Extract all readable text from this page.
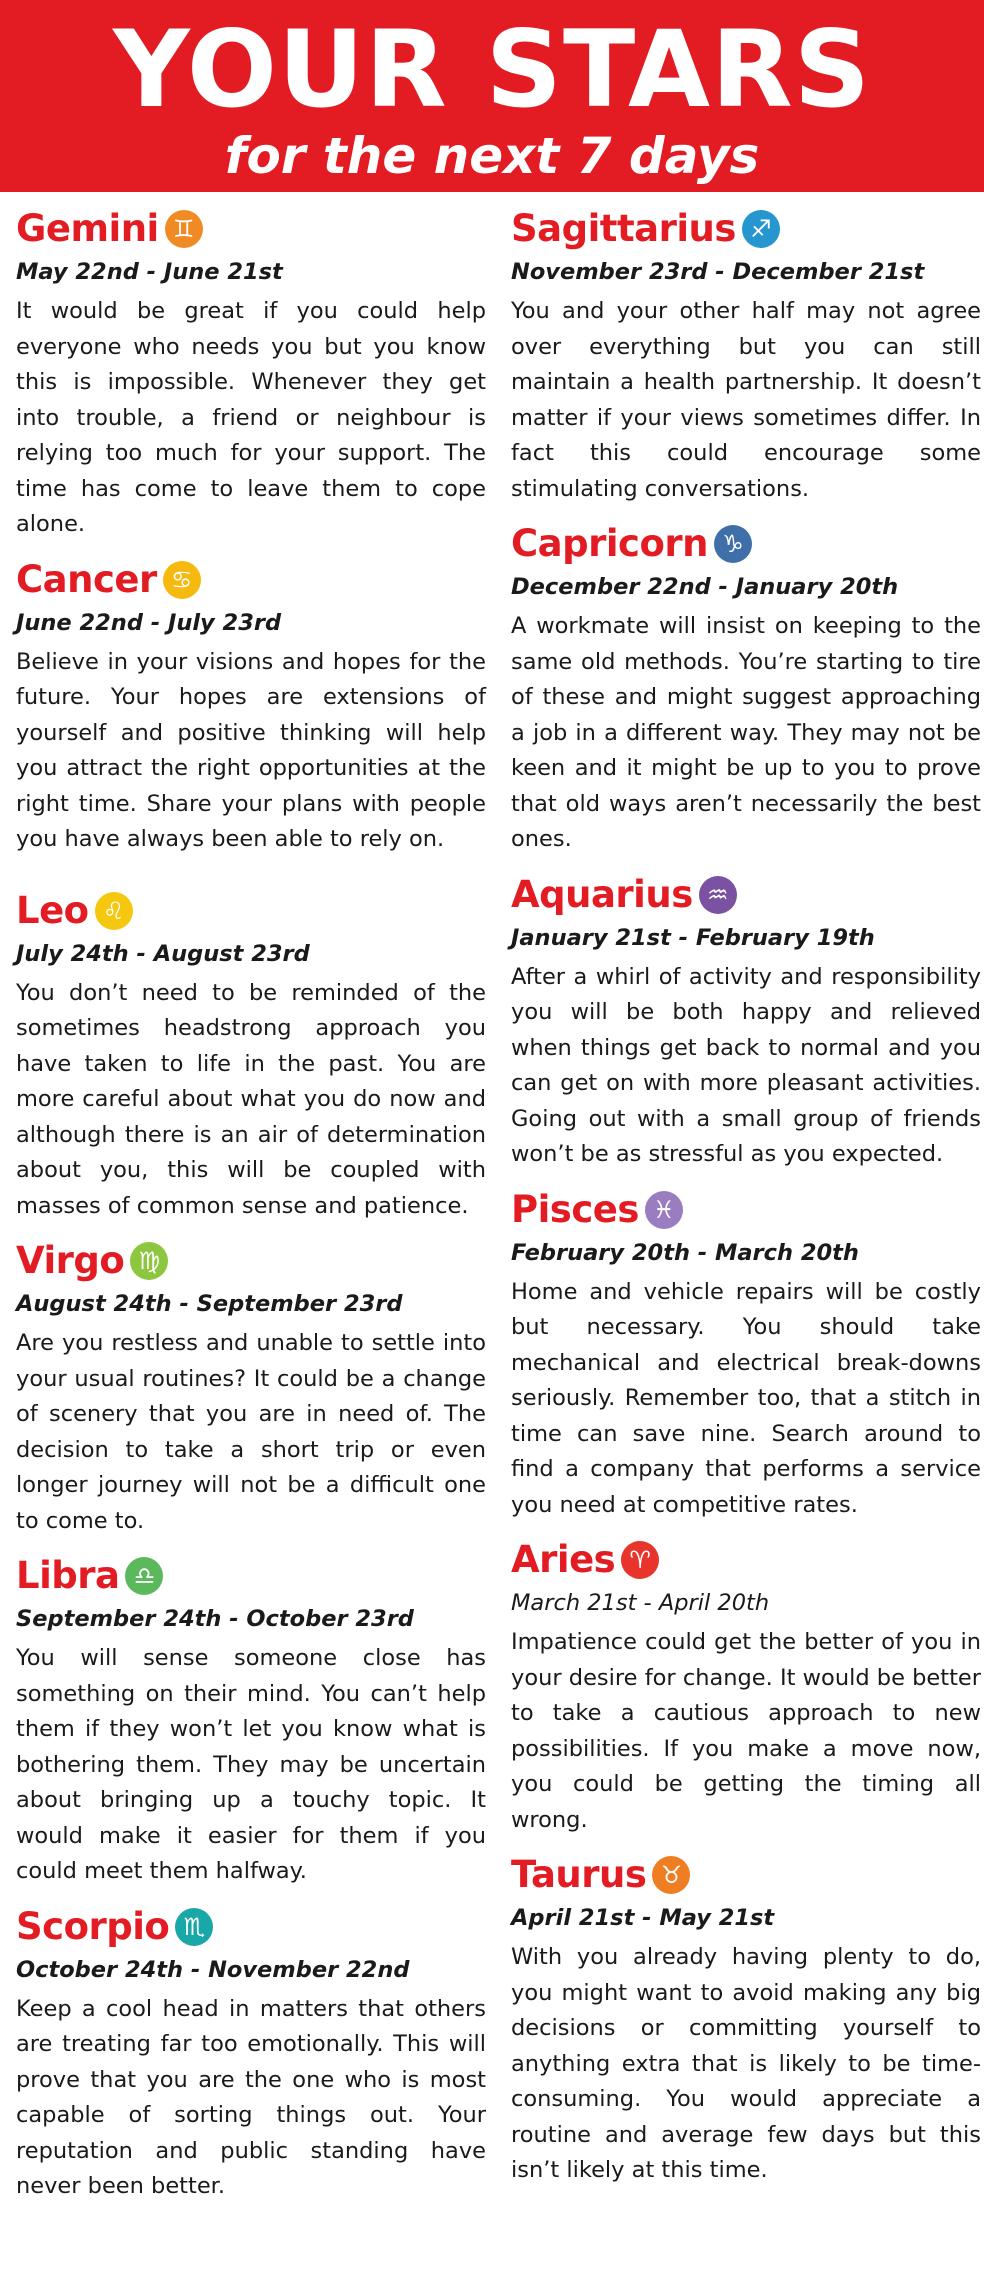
YOUR STARS
for the next 7 days
Gemini ♊
May 22nd - June 21st

It would be great if you could help everyone who needs you but you know this is impossible. Whenever they get into trouble, a friend or neighbour is relying too much for your support. The time has come to leave them to cope alone.

Cancer ♋
June 22nd - July 23rd

Believe in your visions and hopes for the future. Your hopes are extensions of yourself and positive thinking will help you attract the right opportunities at the right time. Share your plans with people you have always been able to rely on.

Leo ♌
July 24th - August 23rd

You don’t need to be reminded of the sometimes headstrong approach you have taken to life in the past. You are more careful about what you do now and although there is an air of determination about you, this will be coupled with masses of common sense and patience.

Virgo ♍
August 24th - September 23rd

Are you restless and unable to settle into your usual routines? It could be a change of scenery that you are in need of. The decision to take a short trip or even longer journey will not be a difficult one to come to.

Libra ♎
September 24th - October 23rd

You will sense someone close has something on their mind. You can’t help them if they won’t let you know what is bothering them. They may be uncertain about bringing up a touchy topic. It would make it easier for them if you could meet them halfway.

Scorpio ♏
October 24th - November 22nd

Keep a cool head in matters that others are treating far too emotionally. This will prove that you are the one who is most capable of sorting things out. Your reputation and public standing have never been better.

Sagittarius ♐
November 23rd - December 21st

You and your other half may not agree over everything but you can still maintain a health partnership. It doesn’t matter if your views sometimes differ. In fact this could encourage some stimulating conversations.

Capricorn ♑
December 22nd - January 20th

A workmate will insist on keeping to the same old methods. You’re starting to tire of these and might suggest approaching a job in a different way. They may not be keen and it might be up to you to prove that old ways aren’t necessarily the best ones.

Aquarius ♒
January 21st - February 19th

After a whirl of activity and responsibility you will be both happy and relieved when things get back to normal and you can get on with more pleasant activities. Going out with a small group of friends won’t be as stressful as you expected.

Pisces ♓
February 20th - March 20th

Home and vehicle repairs will be costly but necessary. You should take mechanical and electrical break-downs seriously. Remember too, that a stitch in time can save nine. Search around to find a company that performs a service you need at competitive rates.

Aries ♈
March 21st - April 20th

Impatience could get the better of you in your desire for change. It would be better to take a cautious approach to new possibilities. If you make a move now, you could be getting the timing all wrong.

Taurus ♉
April 21st - May 21st

With you already having plenty to do, you might want to avoid making any big decisions or committing yourself to anything extra that is likely to be time-consuming. You would appreciate a routine and average few days but this isn’t likely at this time.
